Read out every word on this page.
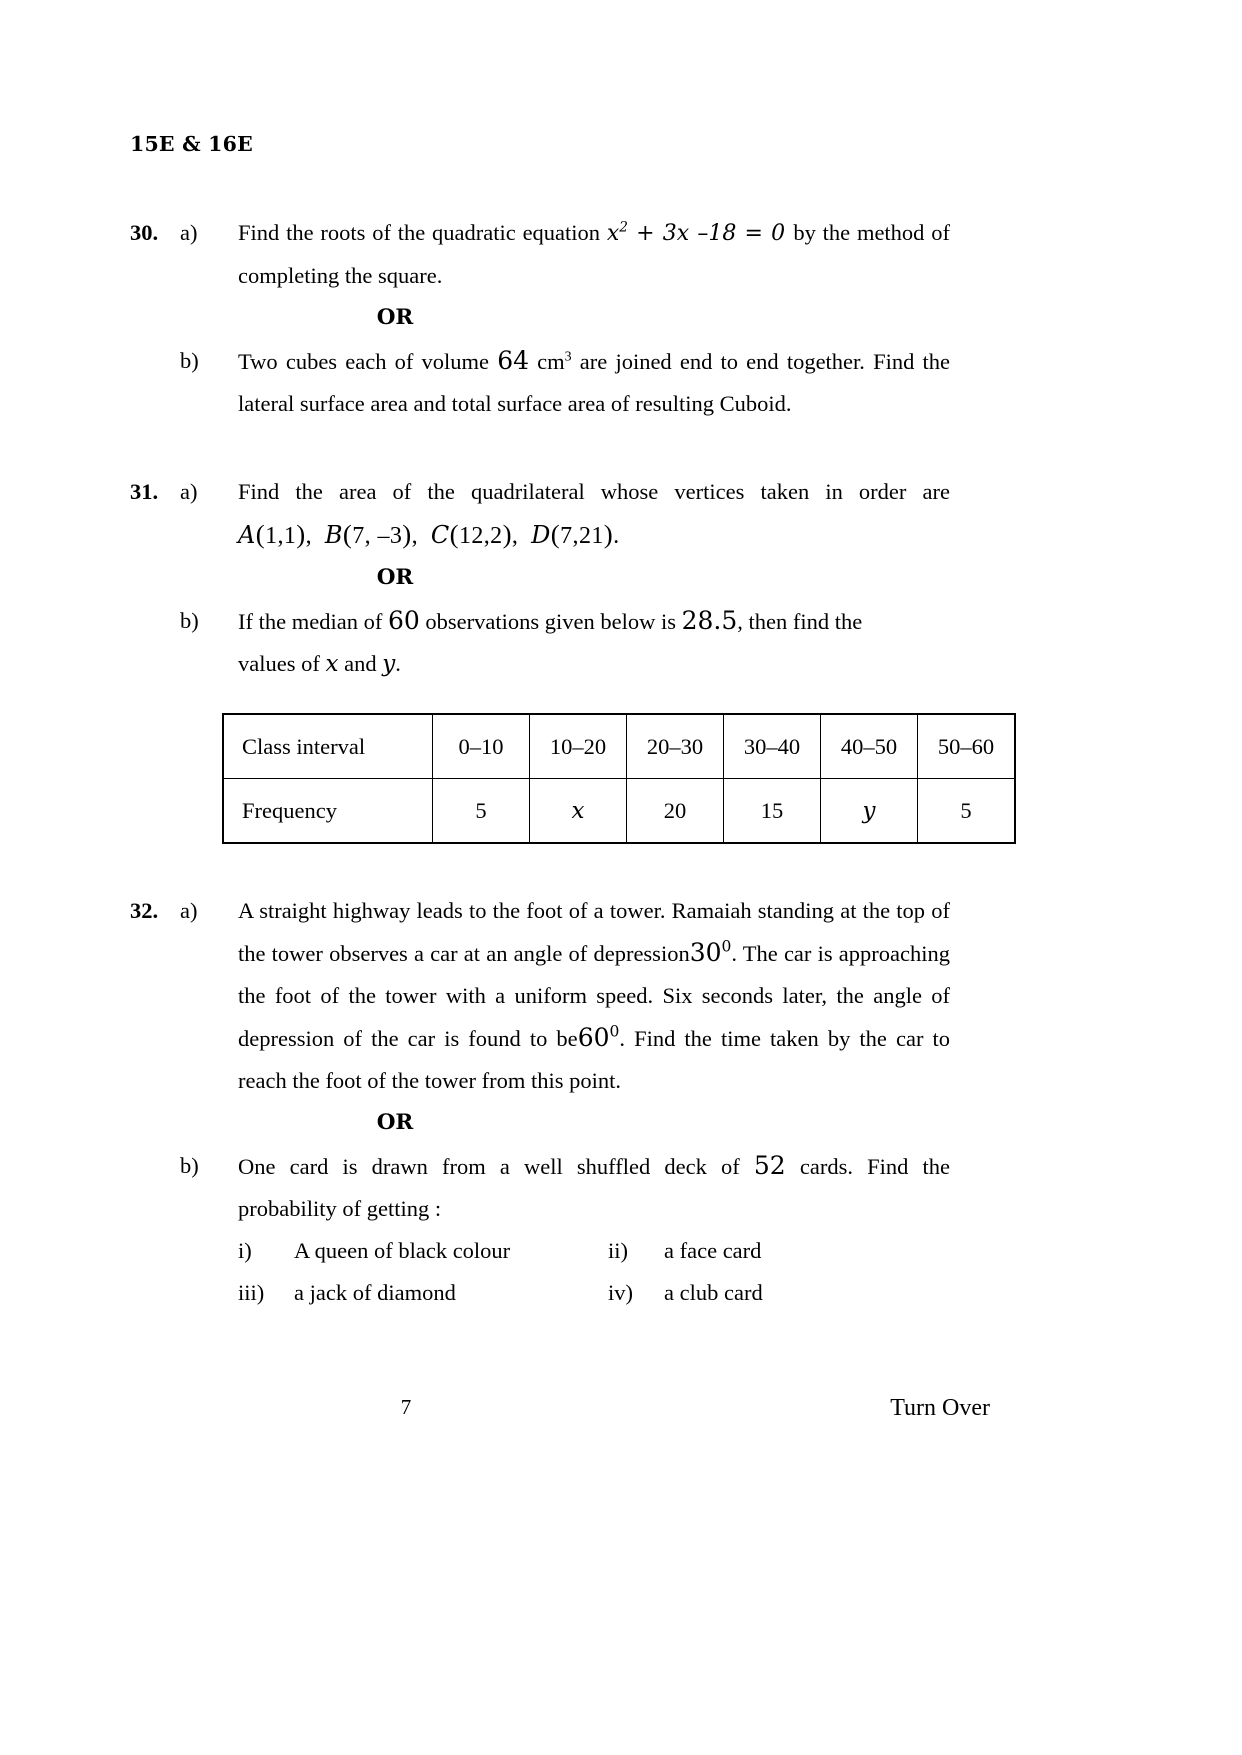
15E & 16E
30. a)	Find the roots of the quadratic equation $x^2 + 3x$ –18 = 0 by the method of completing the square.
OR
b)	Two cubes each of volume 64 $cm^3$ are joined end to end together. Find the lateral surface area and total surface area of resulting Cuboid.
31. a)	Find the area of the quadrilateral whose vertices taken in order are
A(1,1),  B(7, –3),  C(12,2),  D(7,21).
OR
b)	If the median of 60 observations given below is 28.5, then find the
values of x and y.
Class interval	0–10	10–20	20–30	30–40	40–50	50–60
Frequency	5	x	20	15	y	5
32. a)	A straight highway leads to the foot of a tower. Ramaiah standing at the top of the tower observes a car at an angle of $depression30^0$. The car is approaching the foot of the tower with a uniform speed. Six seconds later, the angle of depression of the car is found to $be60^0$. Find the time taken by the car to reach the foot of the tower from this point.
OR
b)	One card is drawn from a well shuffled deck of 52 cards. Find the
probability of getting :
i)	A queen of black colour	ii)	a face card
iii)	a jack of diamond	iv)	a club card
7	Turn Over
